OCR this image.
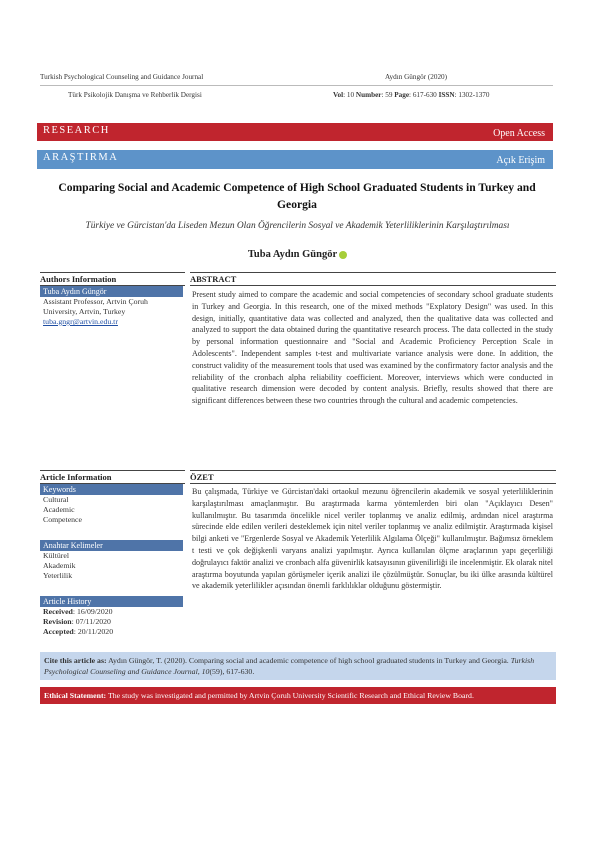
Turkish Psychological Counseling and Guidance Journal	Aydın Güngör (2020)
Türk Psikolojik Danışma ve Rehberlik Dergisi	Vol: 10 Number: 59 Page: 617-630 ISSN: 1302-1370
RESEARCH	Open Access
ARAŞTIRMA	Açık Erişim
Comparing Social and Academic Competence of High School Graduated Students in Turkey and Georgia
Türkiye ve Gürcistan'da Liseden Mezun Olan Öğrencilerin Sosyal ve Akademik Yeterliliklerinin Karşılaştırılması
Tuba Aydın Güngör
Authors Information
Tuba Aydın Güngör
Assistant Professor, Artvin Çoruh
University, Artvin, Turkey
tuba.gngr@artvin.edu.tr
ABSTRACT
Present study aimed to compare the academic and social competencies of secondary school graduate students in Turkey and Georgia. In this research, one of the mixed methods "Explatory Design" was used. In this design, initially, quantitative data was collected and analyzed, then the qualitative data was collected and analyzed to support the data obtained during the quantitative research process. The data collected in the study by personal information questionnaire and "Social and Academic Proficiency Perception Scale in Adolescents". Independent samples t-test and multivariate variance analysis were done. In addition, the construct validity of the measurement tools that used was examined by the confirmatory factor analysis and the reliability of the cronbach alpha reliability coefficient. Moreover, interviews which were conducted in qualitative research dimension were decoded by content analysis. Briefly, results showed that there are significant differences between these two countries through the cultural and academic competencies.
Article Information
Keywords
Cultural
Academic
Competence
Anahtar Kelimeler
Kültürel
Akademik
Yeterlilik
Article History
Received: 16/09/2020
Revision: 07/11/2020
Accepted: 20/11/2020
ÖZET
Bu çalışmada, Türkiye ve Gürcistan'daki ortaokul mezunu öğrencilerin akademik ve sosyal yeterliliklerinin karşılaştırılması amaçlanmıştır. Bu araştırmada karma yöntemlerden biri olan "Açıklayıcı Desen" kullanılmıştır. Bu tasarımda öncelikle nicel veriler toplanmış ve analiz edilmiş, ardından nicel araştırma sürecinde elde edilen verileri desteklemek için nitel veriler toplanmış ve analiz edilmiştir. Araştırmada kişisel bilgi anketi ve "Ergenlerde Sosyal ve Akademik Yeterlilik Algılama Ölçeği" kullanılmıştır. Bağımsız örneklem t testi ve çok değişkenli varyans analizi yapılmıştır. Ayrıca kullanılan ölçme araçlarının yapı geçerliliği doğrulayıcı faktör analizi ve cronbach alfa güvenirlik katsayısının güvenilirliği ile incelenmiştir. Ek olarak nitel araştırma boyutunda yapılan görüşmeler içerik analizi ile çözülmüştür. Sonuçlar, bu iki ülke arasında kültürel ve akademik yeterlilikler açısından önemli farklılıklar olduğunu göstermiştir.
Cite this article as: Aydın Güngör, T. (2020). Comparing social and academic competence of high school graduated students in Turkey and Georgia. Turkish Psychological Counseling and Guidance Journal, 10(59), 617-630.
Ethical Statement: The study was investigated and permitted by Artvin Çoruh University Scientific Research and Ethical Review Board.
